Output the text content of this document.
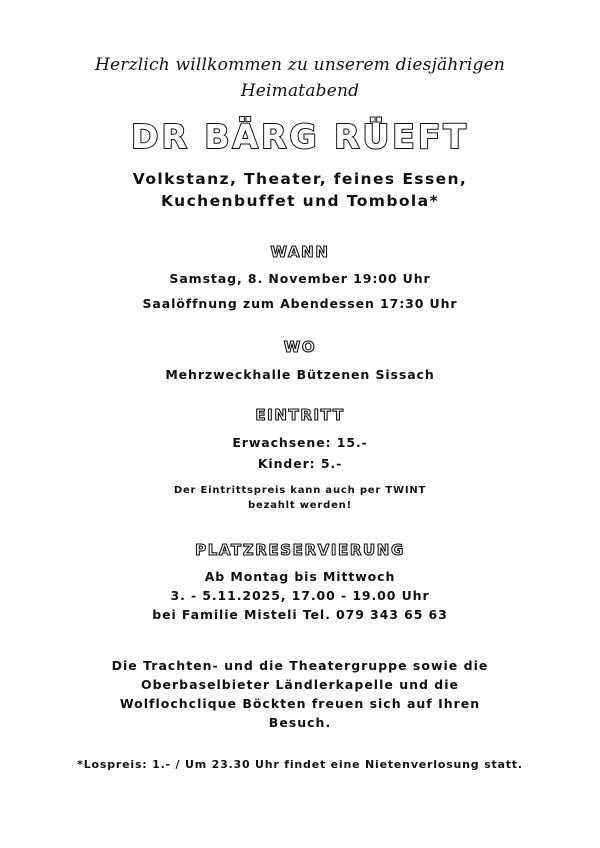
Herzlich willkommen zu unserem diesjährigen
Heimatabend
DR BÄRG RÜEFT
Volkstanz, Theater, feines Essen,
Kuchenbuffet und Tombola*
WANN
Samstag, 8. November 19:00 Uhr
Saalöffnung zum Abendessen 17:30 Uhr
WO
Mehrzweckhalle Bützenen Sissach
EINTRITT
Erwachsene: 15.-
Kinder: 5.-
Der Eintrittspreis kann auch per TWINT
bezahlt werden!
PLATZRESERVIERUNG
Ab Montag bis Mittwoch
3. - 5.11.2025, 17.00 - 19.00 Uhr
bei Familie Misteli Tel. 079 343 65 63
Die Trachten- und die Theatergruppe sowie die
Oberbaselbieter Ländlerkapelle und die
Wolflochclique Böckten freuen sich auf Ihren
Besuch.
*Lospreis: 1.- / Um 23.30 Uhr findet eine Nietenverlosung statt.
